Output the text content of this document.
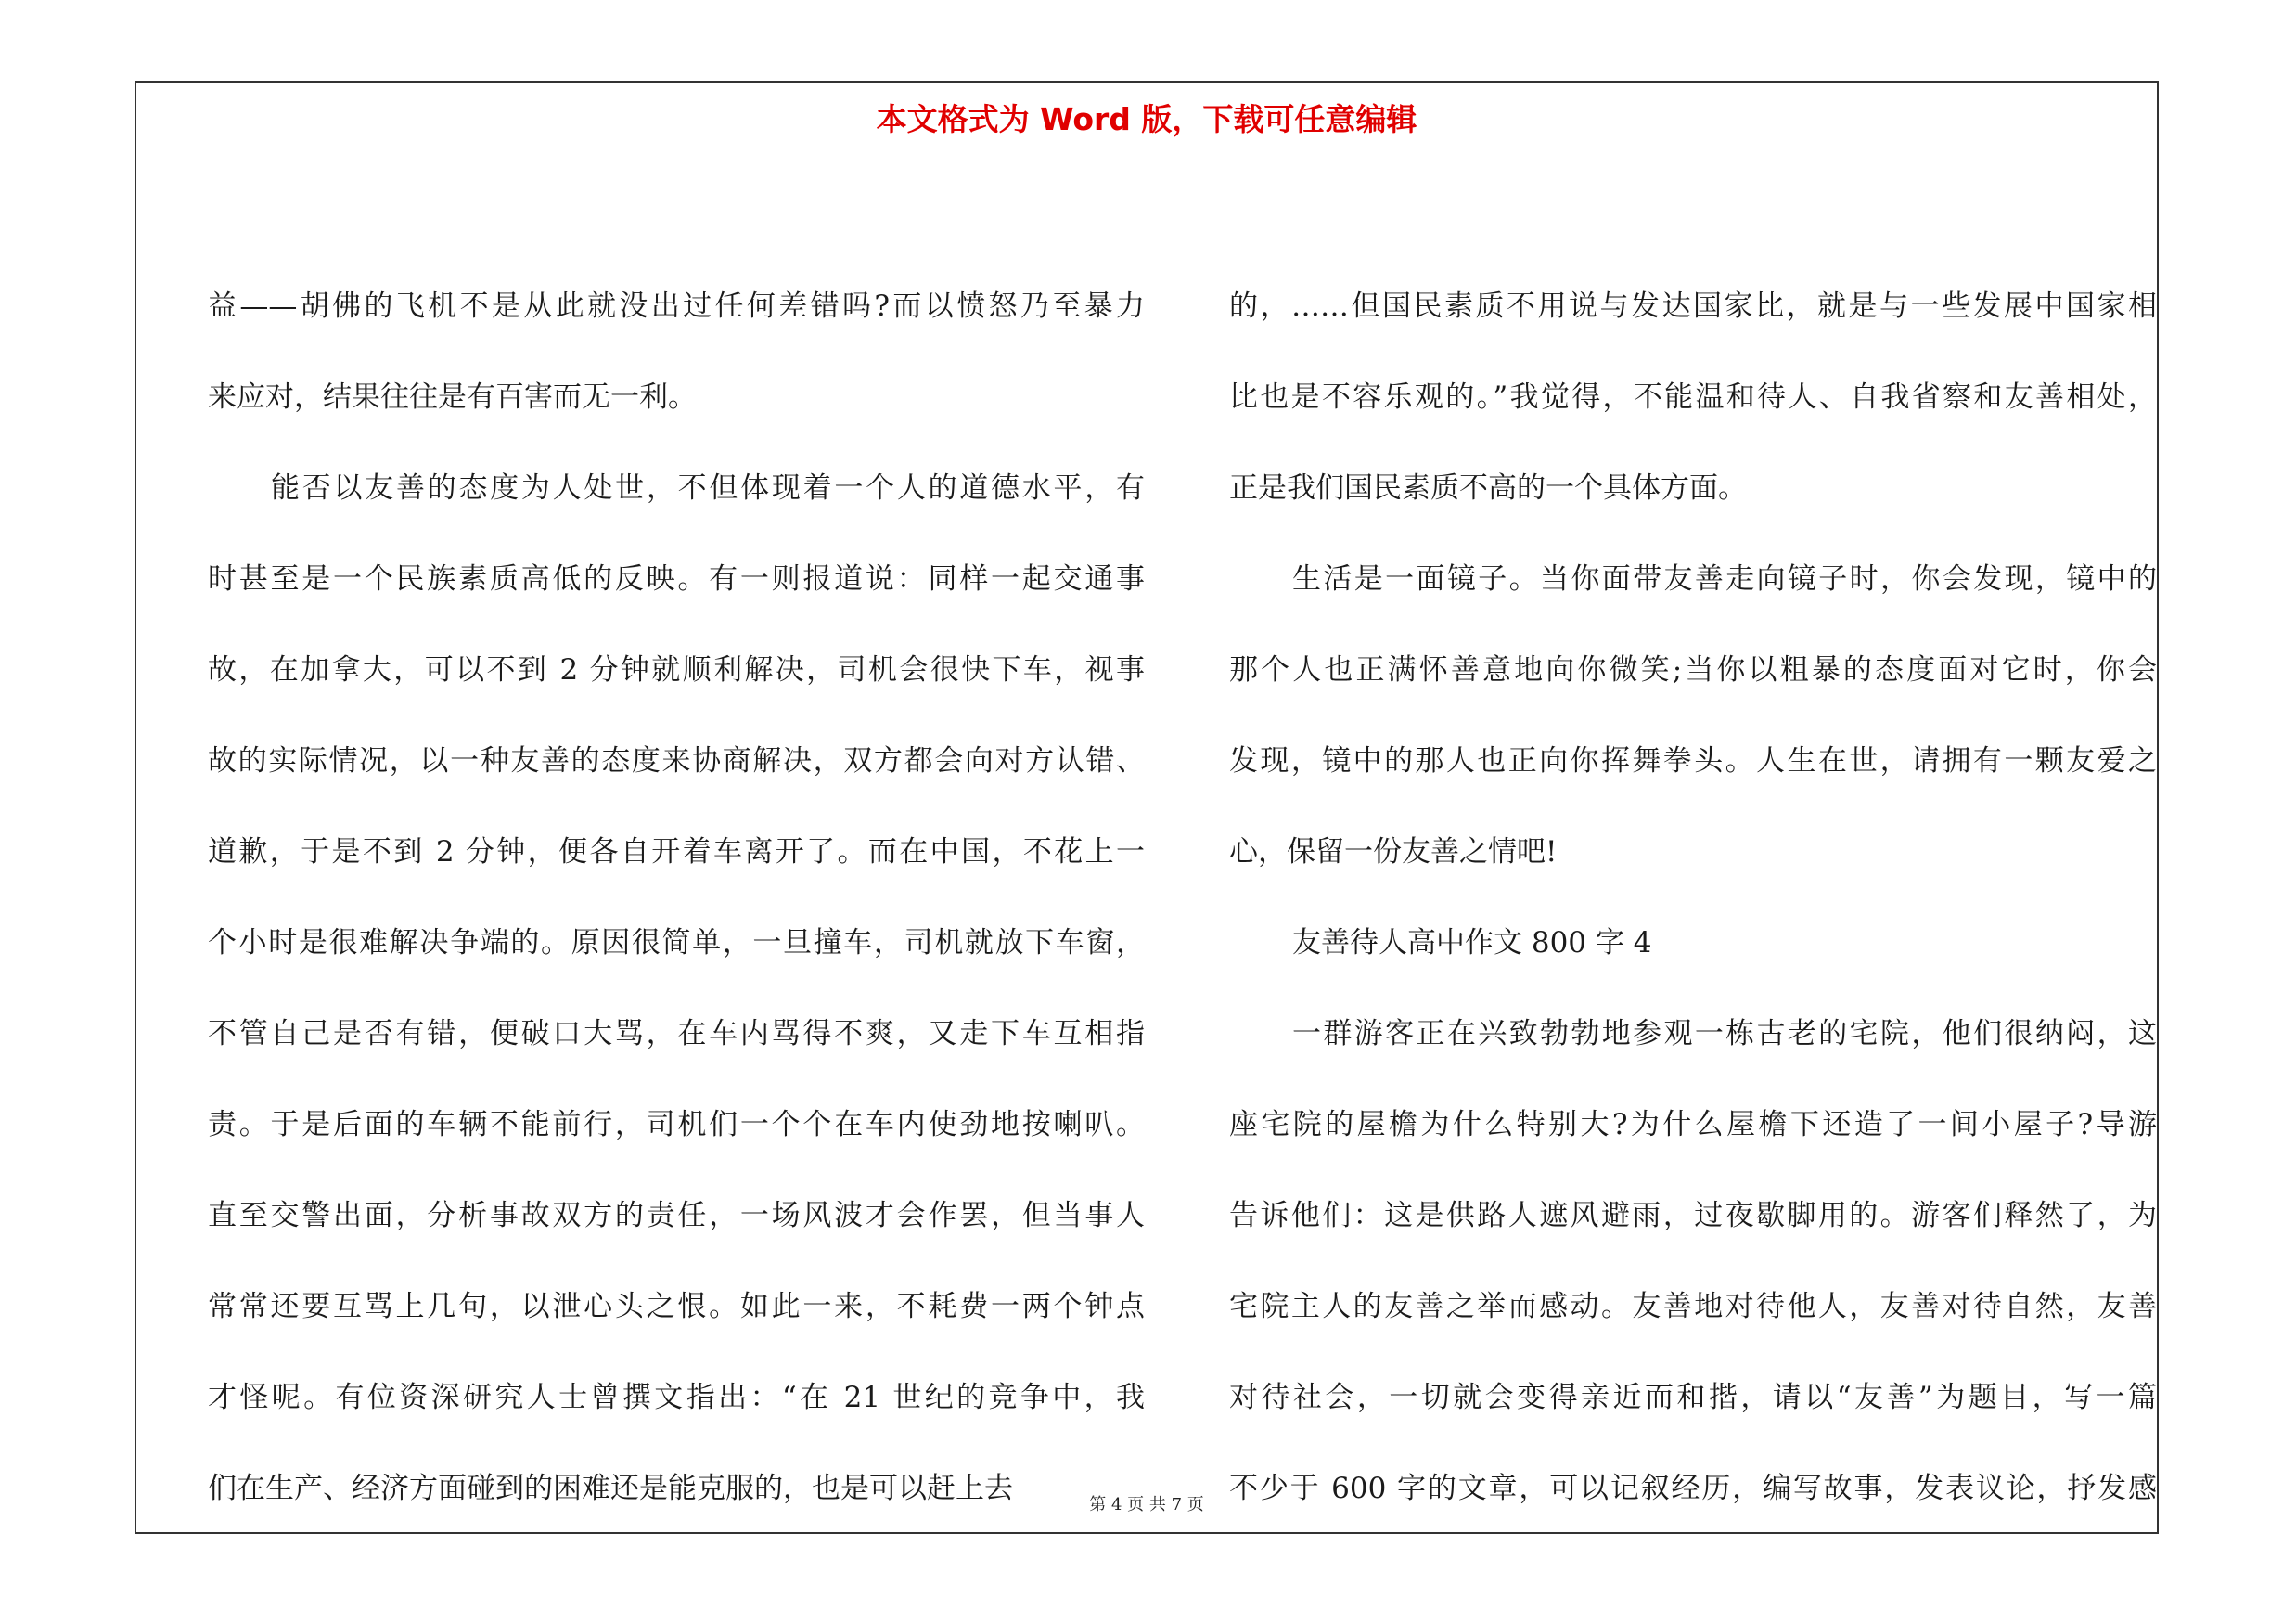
本文格式为 Word 版，下载可任意编辑

益——胡佛的飞机不是从此就没出过任何差错吗?而以愤怒乃至暴力
来应对，结果往往是有百害而无一利。
能否以友善的态度为人处世，不但体现着一个人的道德水平，有
时甚至是一个民族素质高低的反映。有一则报道说：同样一起交通事
故，在加拿大，可以不到 2 分钟就顺利解决，司机会很快下车，视事
故的实际情况，以一种友善的态度来协商解决，双方都会向对方认错、
道歉，于是不到 2 分钟，便各自开着车离开了。而在中国，不花上一
个小时是很难解决争端的。原因很简单，一旦撞车，司机就放下车窗，
不管自己是否有错，便破口大骂，在车内骂得不爽，又走下车互相指
责。于是后面的车辆不能前行，司机们一个个在车内使劲地按喇叭。
直至交警出面，分析事故双方的责任，一场风波才会作罢，但当事人
常常还要互骂上几句，以泄心头之恨。如此一来，不耗费一两个钟点
才怪呢。有位资深研究人士曾撰文指出：“在 21 世纪的竞争中，我
们在生产、经济方面碰到的困难还是能克服的，也是可以赶上去
的，……但国民素质不用说与发达国家比，就是与一些发展中国家相
比也是不容乐观的。”我觉得，不能温和待人、自我省察和友善相处，
正是我们国民素质不高的一个具体方面。
生活是一面镜子。当你面带友善走向镜子时，你会发现，镜中的
那个人也正满怀善意地向你微笑;当你以粗暴的态度面对它时，你会
发现，镜中的那人也正向你挥舞拳头。人生在世，请拥有一颗友爱之
心，保留一份友善之情吧!
友善待人高中作文 800 字 4
一群游客正在兴致勃勃地参观一栋古老的宅院，他们很纳闷，这
座宅院的屋檐为什么特别大?为什么屋檐下还造了一间小屋子?导游
告诉他们：这是供路人遮风避雨，过夜歇脚用的。游客们释然了，为
宅院主人的友善之举而感动。友善地对待他人，友善对待自然，友善
对待社会，一切就会变得亲近而和揩，请以“友善”为题目，写一篇
不少于 600 字的文章，可以记叙经历，编写故事，发表议论，抒发感

第 4 页 共 7 页
